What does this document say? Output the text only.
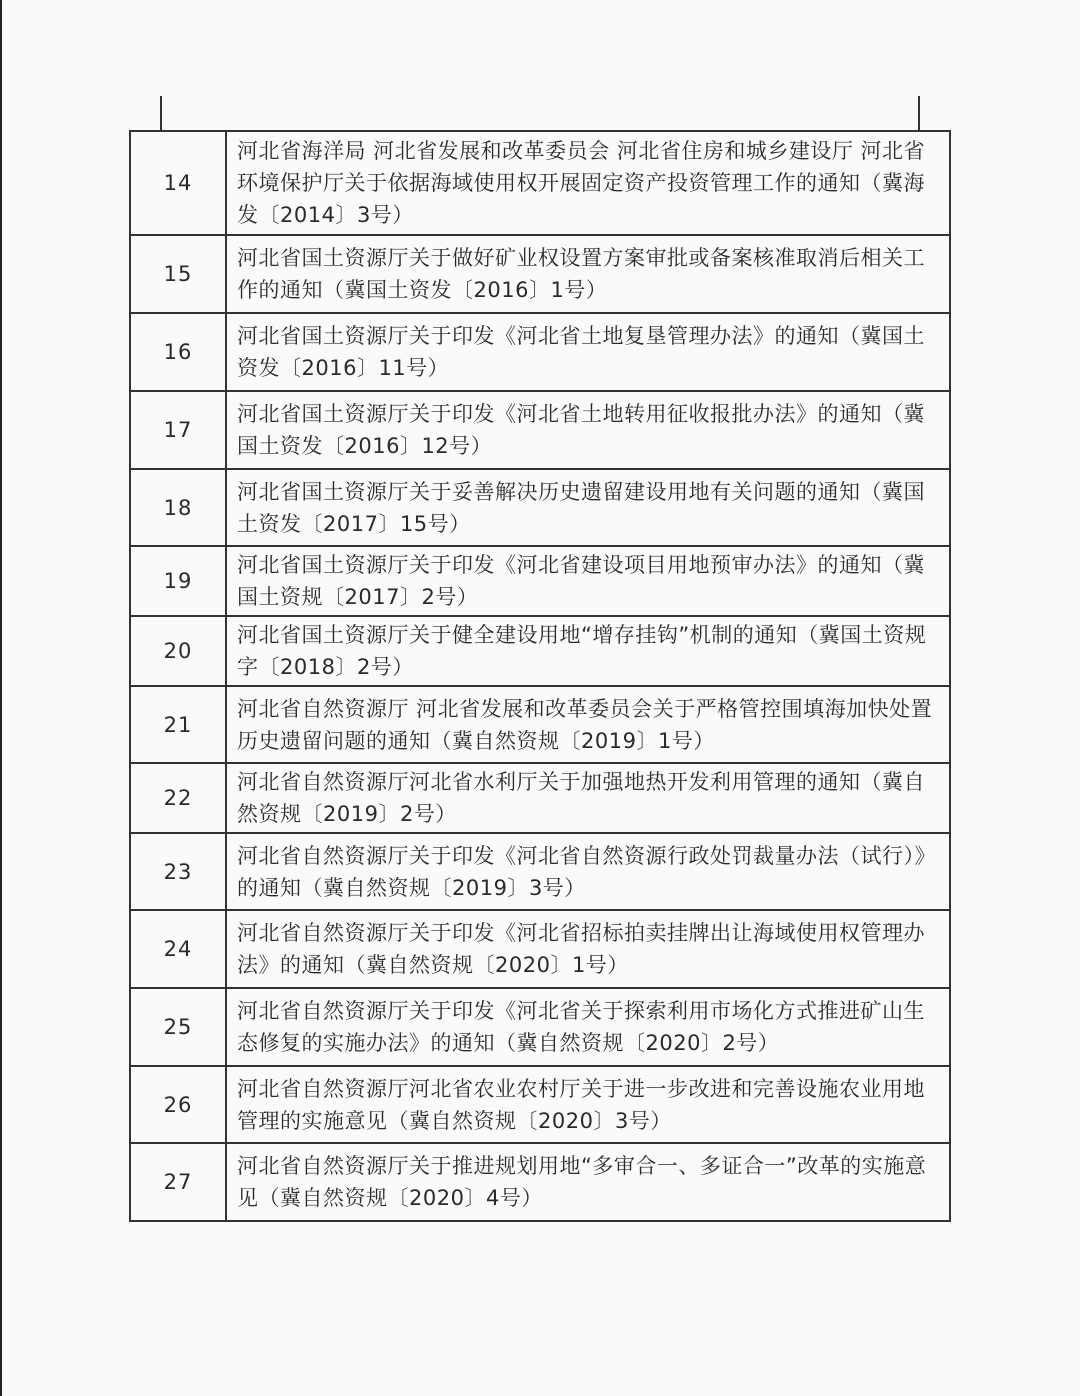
14	河北省海洋局 河北省发展和改革委员会 河北省住房和城乡建设厅 河北省环境保护厅关于依据海域使用权开展固定资产投资管理工作的通知（冀海发〔2014〕3号）
15	河北省国土资源厅关于做好矿业权设置方案审批或备案核准取消后相关工作的通知（冀国土资发〔2016〕1号）
16	河北省国土资源厅关于印发《河北省土地复垦管理办法》的通知（冀国土资发〔2016〕11号）
17	河北省国土资源厅关于印发《河北省土地转用征收报批办法》的通知（冀国土资发〔2016〕12号）
18	河北省国土资源厅关于妥善解决历史遗留建设用地有关问题的通知（冀国土资发〔2017〕15号）
19	河北省国土资源厅关于印发《河北省建设项目用地预审办法》的通知（冀国土资规〔2017〕2号）
20	河北省国土资源厅关于健全建设用地“增存挂钩”机制的通知（冀国土资规字〔2018〕2号）
21	河北省自然资源厅 河北省发展和改革委员会关于严格管控围填海加快处置历史遗留问题的通知（冀自然资规〔2019〕1号）
22	河北省自然资源厅河北省水利厅关于加强地热开发利用管理的通知（冀自然资规〔2019〕2号）
23	河北省自然资源厅关于印发《河北省自然资源行政处罚裁量办法（试行）》的通知（冀自然资规〔2019〕3号）
24	河北省自然资源厅关于印发《河北省招标拍卖挂牌出让海域使用权管理办法》的通知（冀自然资规〔2020〕1号）
25	河北省自然资源厅关于印发《河北省关于探索利用市场化方式推进矿山生态修复的实施办法》的通知（冀自然资规〔2020〕2号）
26	河北省自然资源厅河北省农业农村厅关于进一步改进和完善设施农业用地管理的实施意见（冀自然资规〔2020〕3号）
27	河北省自然资源厅关于推进规划用地“多审合一、多证合一”改革的实施意见（冀自然资规〔2020〕4号）
